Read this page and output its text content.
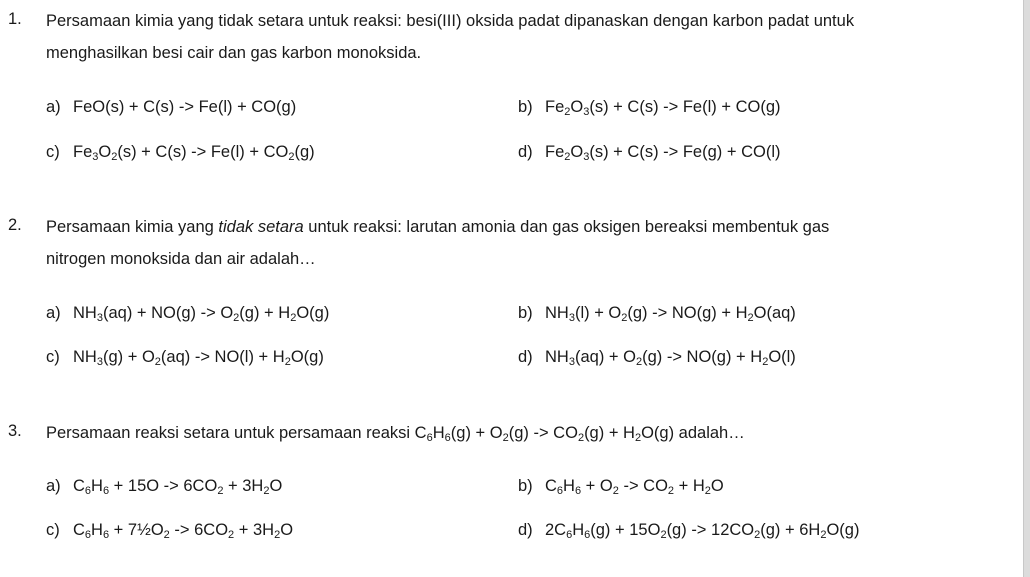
1. Persamaan kimia yang tidak setara untuk reaksi: besi(III) oksida padat dipanaskan dengan karbon padat untuk
menghasilkan besi cair dan gas karbon monoksida.
a) FeO(s) + C(s) -> Fe(l) + CO(g)	b) $Fe_2O_3(s) + C(s) -> Fe(l) + CO(g)$
c) $Fe_3O_2(s) + C(s) -> Fe(l) + CO_2(g)$	d) $Fe_2O_3(s) + C(s) -> Fe(g) + CO(l)$
2. Persamaan kimia yang tidak setara untuk reaksi: larutan amonia dan gas oksigen bereaksi membentuk gas
nitrogen monoksida dan air adalah…
a) $NH_3(aq) + NO(g) -> O_2(g) + H_2O(g)$	b) $NH_3(l) + O_2(g) -> NO(g) + H_2O(aq)$
c) $NH_3(g) + O_2(aq) -> NO(l) + H_2O(g)$	d) $NH_3(aq) + O_2(g) -> NO(g) + H_2O(l)$
3. Persamaan reaksi setara untuk persamaan reaksi $C_6H_6(g) + O_2(g) -> CO_2(g) + H_2O(g)$ adalah…
a) $C_6H_6 + 15O -> 6CO_2 + 3H_2O$	b) $C_6H_6 + O_2 -> CO_2 + H_2O$
c) $C_6H_6$ + $7\frac{1}{2}O_2 -> 6CO_2 + 3H_2O$	d) $2C_6H_6(g) + 15O_2(g) -> 12CO_2(g) + 6H_2O(g)$
